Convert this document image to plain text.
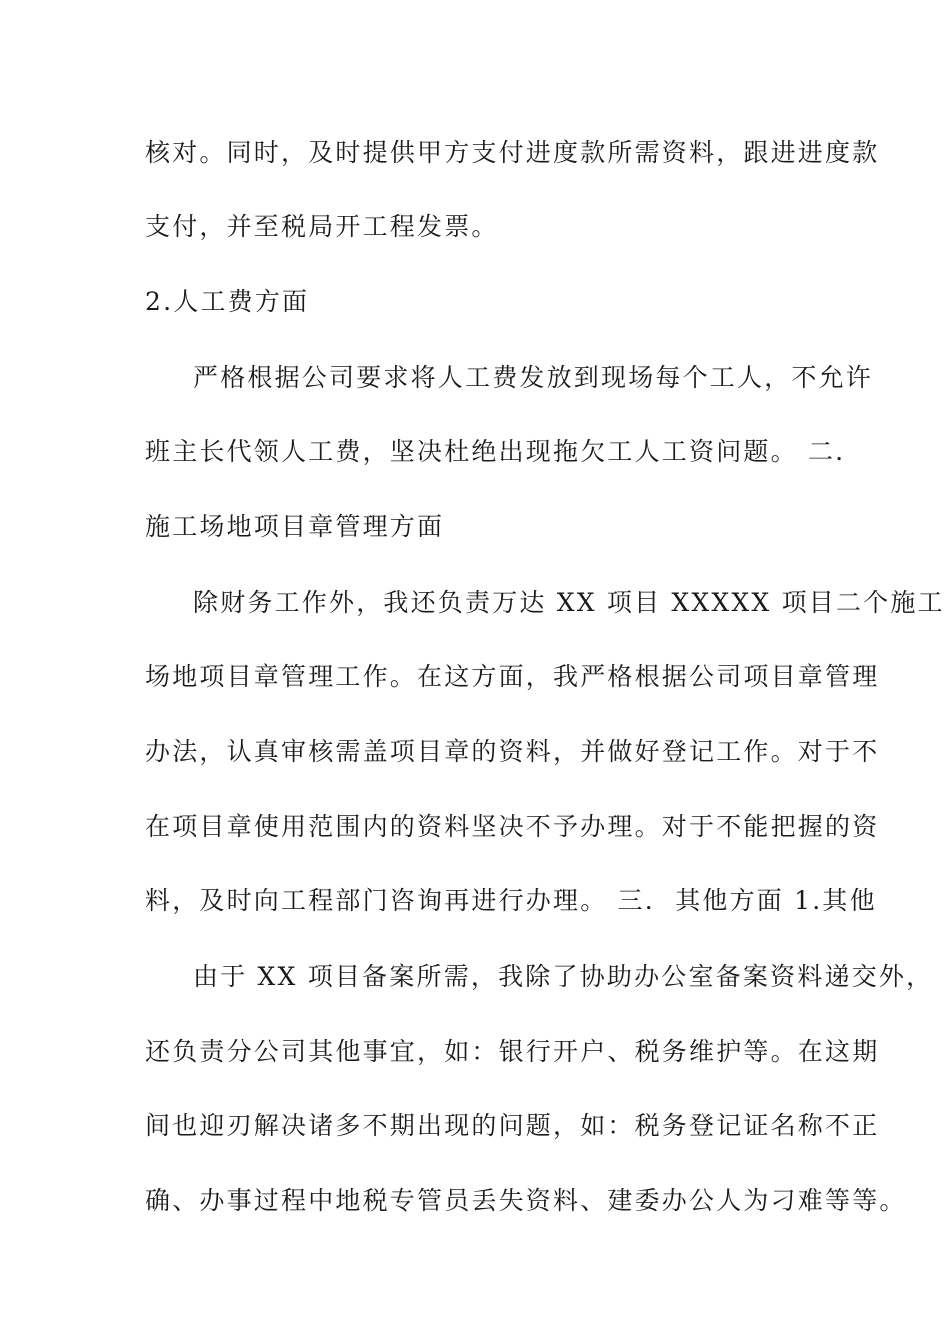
核对。同时，及时提供甲方支付进度款所需资料，跟进进度款
支付，并至税局开工程发票。
2.人工费方面
严格根据公司要求将人工费发放到现场每个工人，不允许
班主长代领人工费，坚决杜绝出现拖欠工人工资问题。 二.
施工场地项目章管理方面
除财务工作外，我还负责万达 XX 项目 XXXXX 项目二个施工
场地项目章管理工作。在这方面，我严格根据公司项目章管理
办法，认真审核需盖项目章的资料，并做好登记工作。对于不
在项目章使用范围内的资料坚决不予办理。对于不能把握的资
料，及时向工程部门咨询再进行办理。 三.  其他方面 1.其他
由于 XX 项目备案所需，我除了协助办公室备案资料递交外，
还负责分公司其他事宜，如：银行开户、税务维护等。在这期
间也迎刃解决诸多不期出现的问题，如：税务登记证名称不正
确、办事过程中地税专管员丢失资料、建委办公人为刁难等等。
